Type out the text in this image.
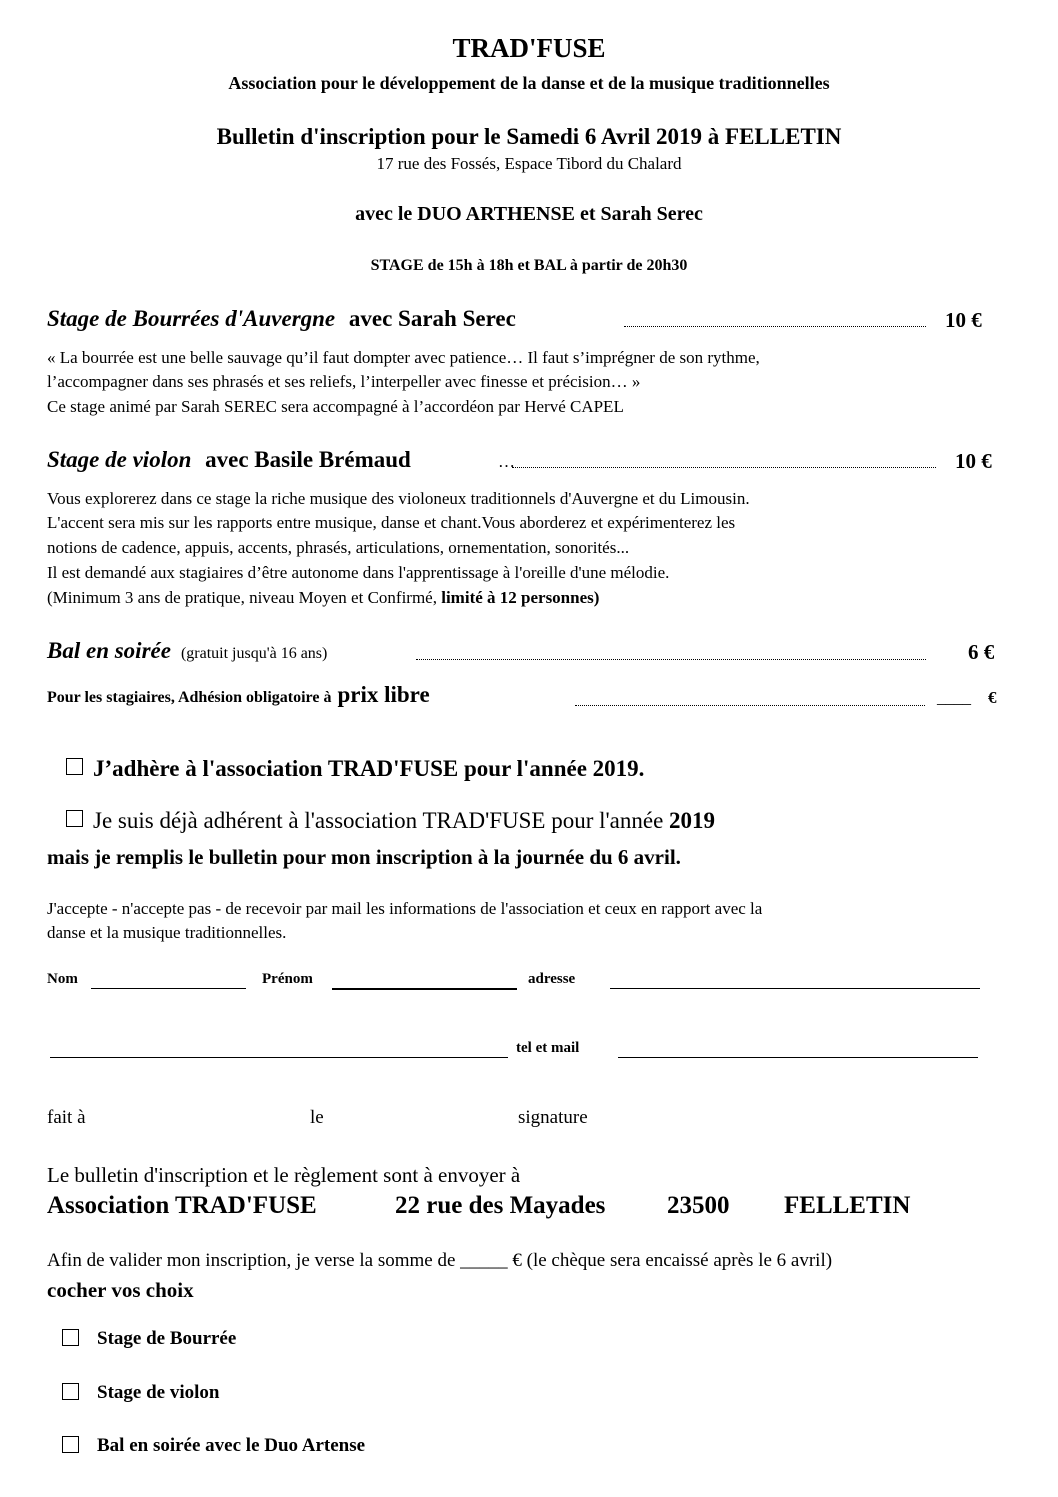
TRAD'FUSE
Association pour le développement de la danse et de la musique traditionnelles
Bulletin d'inscription pour le Samedi 6 Avril 2019 à FELLETIN
17 rue des Fossés, Espace Tibord du Chalard
avec le DUO ARTHENSE et Sarah Serec
STAGE de 15h à 18h et BAL à partir de 20h30
Stage de Bourrées d'Auvergne avec Sarah Serec	10 €
« La bourrée est une belle sauvage qu’il faut dompter avec patience… Il faut s’imprégner de son rythme,
l’accompagner dans ses phrasés et ses reliefs, l’interpeller avec finesse et précision… »
Ce stage animé par Sarah SEREC sera accompagné à l’accordéon par Hervé CAPEL
Stage de violon avec Basile Brémaud	…	10 €
Vous explorerez dans ce stage la riche musique des violoneux traditionnels d'Auvergne et du Limousin.
L'accent sera mis sur les rapports entre musique, danse et chant.Vous aborderez et expérimenterez les
notions de cadence, appuis, accents, phrasés, articulations, ornementation, sonorités...
Il est demandé aux stagiaires d’être autonome dans l'apprentissage à l'oreille d'une mélodie.
(Minimum 3 ans de pratique, niveau Moyen et Confirmé, limité à 12 personnes)
Bal en soirée (gratuit jusqu'à 16 ans)	6 €
Pour les stagiaires, Adhésion obligatoire à prix libre	____ €
J’adhère à l'association TRAD'FUSE pour l'année 2019.
Je suis déjà adhérent à l'association TRAD'FUSE pour l'année 2019
mais je remplis le bulletin pour mon inscription à la journée du 6 avril.
J'accepte - n'accepte pas - de recevoir par mail les informations de l'association et ceux en rapport avec la
danse et la musique traditionnelles.
Nom	Prénom	adresse
tel et mail
fait à	le	signature
Le bulletin d'inscription et le règlement sont à envoyer à
Association TRAD'FUSE	22 rue des Mayades 23500 FELLETIN
Afin de valider mon inscription, je verse la somme de _____ € (le chèque sera encaissé après le 6 avril)
cocher vos choix
Stage de Bourrée
Stage de violon
Bal en soirée avec le Duo Artense
